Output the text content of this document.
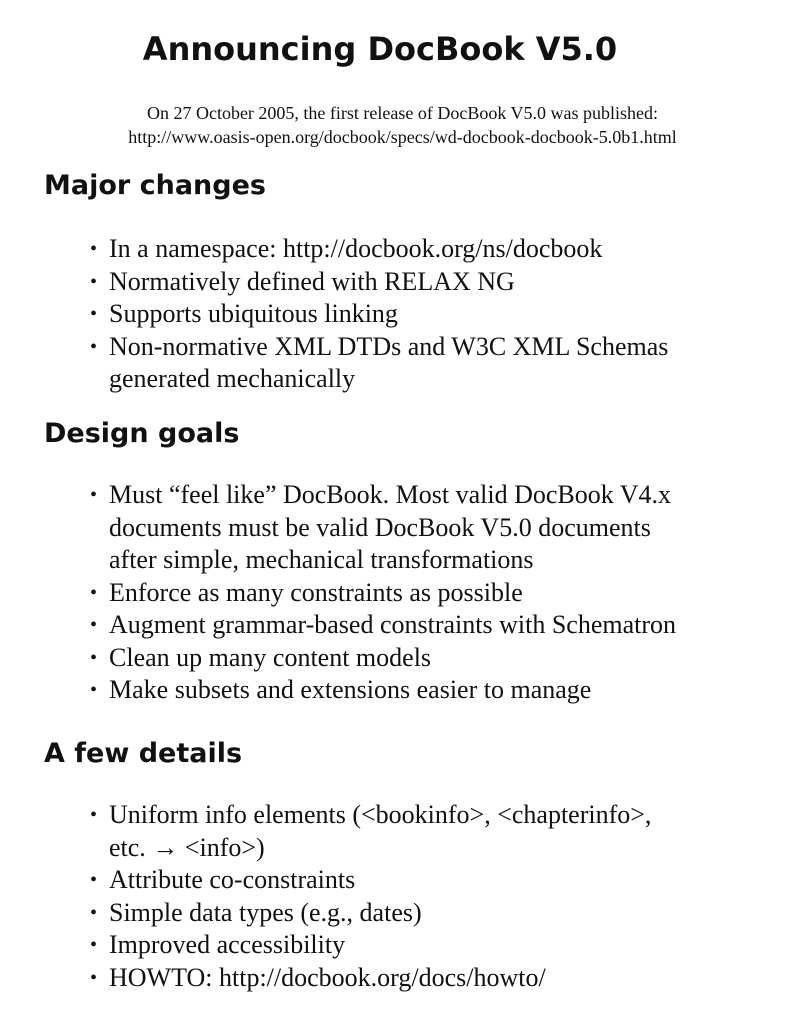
Announcing DocBook V5.0
On 27 October 2005, the first release of DocBook V5.0 was published:
http://www.oasis-open.org/docbook/specs/wd-docbook-docbook-5.0b1.html
Major changes
• In a namespace: http://docbook.org/ns/docbook
• Normatively defined with RELAX NG
• Supports ubiquitous linking
• Non-normative XML DTDs and W3C XML Schemas
generated mechanically
Design goals
• Must “feel like” DocBook. Most valid DocBook V4.x
documents must be valid DocBook V5.0 documents
after simple, mechanical transformations
• Enforce as many constraints as possible
• Augment grammar-based constraints with Schematron
• Clean up many content models
• Make subsets and extensions easier to manage
A few details
• Uniform info elements (<bookinfo>, <chapterinfo>,
etc. → <info>)
• Attribute co-constraints
• Simple data types (e.g., dates)
• Improved accessibility
• HOWTO: http://docbook.org/docs/howto/
